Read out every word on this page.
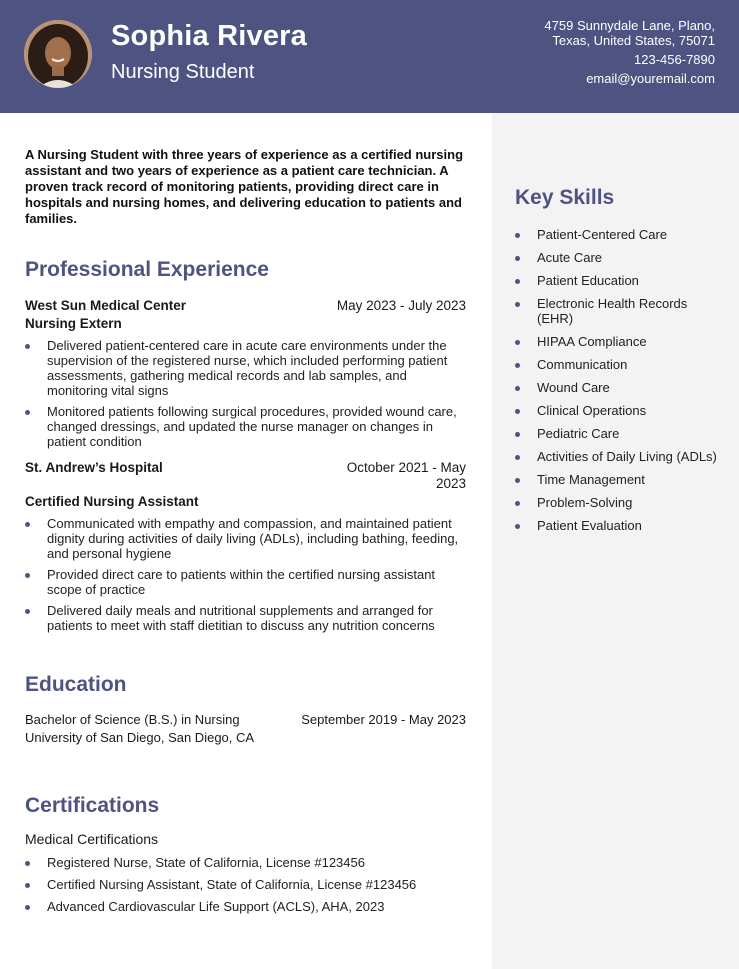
Sophia Rivera
Nursing Student
4759 Sunnydale Lane, Plano,
Texas, United States, 75071
123-456-7890
email@youremail.com

A Nursing Student with three years of experience as a certified nursing assistant and two years of experience as a patient care technician. A proven track record of monitoring patients, providing direct care in hospitals and nursing homes, and delivering education to patients and families.

Professional Experience
West Sun Medical Center	May 2023 - July 2023
Nursing Extern
Delivered patient-centered care in acute care environments under the supervision of the registered nurse, which included performing patient assessments, gathering medical records and lab samples, and monitoring vital signs
Monitored patients following surgical procedures, provided wound care, changed dressings, and updated the nurse manager on changes in patient condition
St. Andrew’s Hospital	October 2021 - May
2023
Certified Nursing Assistant
Communicated with empathy and compassion, and maintained patient dignity during activities of daily living (ADLs), including bathing, feeding, and personal hygiene
Provided direct care to patients within the certified nursing assistant scope of practice
Delivered daily meals and nutritional supplements and arranged for patients to meet with staff dietitian to discuss any nutrition concerns
Education
Bachelor of Science (B.S.) in Nursing	September 2019 - May 2023
University of San Diego, San Diego, CA
Certifications
Medical Certifications
Registered Nurse, State of California, License #123456
Certified Nursing Assistant, State of California, License #123456
Advanced Cardiovascular Life Support (ACLS), AHA, 2023
Key Skills
Patient-Centered Care
Acute Care
Patient Education
Electronic Health Records (EHR)
HIPAA Compliance
Communication
Wound Care
Clinical Operations
Pediatric Care
Activities of Daily Living (ADLs)
Time Management
Problem-Solving
Patient Evaluation
